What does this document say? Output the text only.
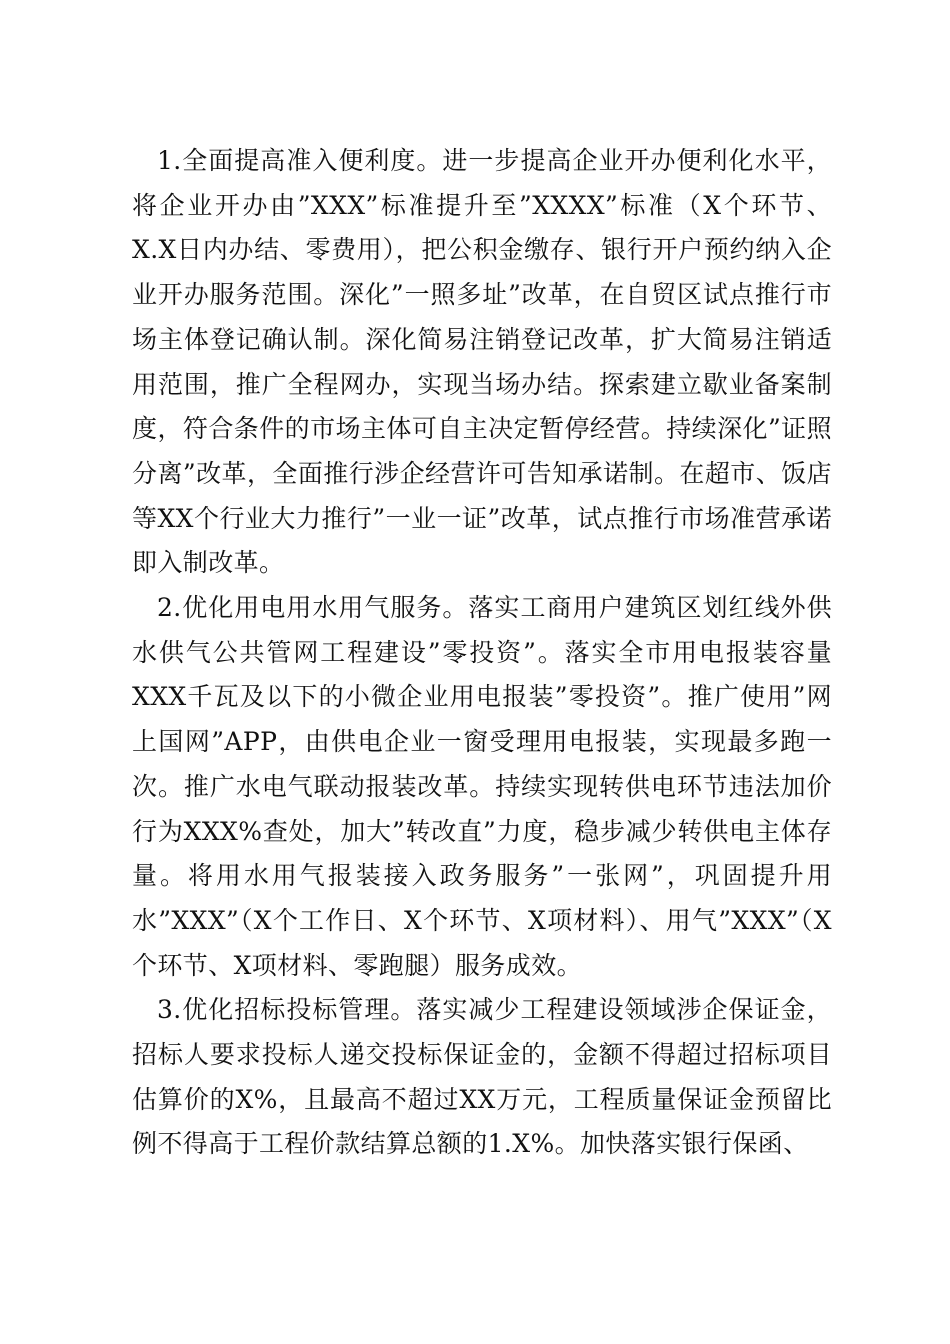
1.全面提高准入便利度。进一步提高企业开办便利化水平，将企业开办由”XXX”标准提升至”XXXX”标准（X个环节、X.X日内办结、零费用），把公积金缴存、银行开户预约纳入企业开办服务范围。深化”一照多址”改革，在自贸区试点推行市场主体登记确认制。深化简易注销登记改革，扩大简易注销适用范围，推广全程网办，实现当场办结。探索建立歇业备案制度，符合条件的市场主体可自主决定暂停经营。持续深化”证照分离”改革，全面推行涉企经营许可告知承诺制。在超市、饭店等XX个行业大力推行”一业一证”改革，试点推行市场准营承诺即入制改革。

2.优化用电用水用气服务。落实工商用户建筑区划红线外供水供气公共管网工程建设”零投资”。落实全市用电报装容量XXX千瓦及以下的小微企业用电报装”零投资”。推广使用”网上国网”APP，由供电企业一窗受理用电报装，实现最多跑一次。推广水电气联动报装改革。持续实现转供电环节违法加价行为XXX%查处，加大”转改直”力度，稳步减少转供电主体存量。将用水用气报装接入政务服务”一张网”，巩固提升用水”XXX”（X个工作日、X个环节、X项材料）、用气”XXX”（X个环节、X项材料、零跑腿）服务成效。

3.优化招标投标管理。落实减少工程建设领域涉企保证金，招标人要求投标人递交投标保证金的，金额不得超过招标项目估算价的X%，且最高不超过XX万元，工程质量保证金预留比例不得高于工程价款结算总额的1.X%。加快落实银行保函、
